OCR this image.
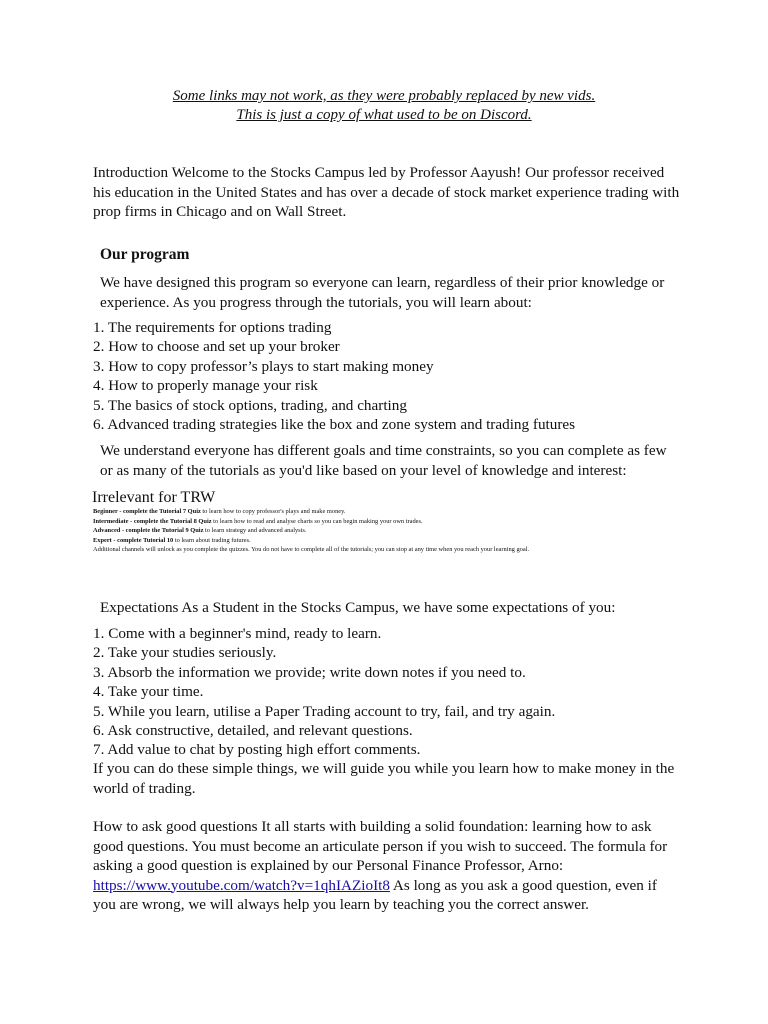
Some links may not work, as they were probably replaced by new vids.
This is just a copy of what used to be on Discord.

Introduction Welcome to the Stocks Campus led by Professor Aayush! Our professor received his education in the United States and has over a decade of stock market experience trading with prop firms in Chicago and on Wall Street.

Our program

We have designed this program so everyone can learn, regardless of their prior knowledge or experience. As you progress through the tutorials, you will learn about:

1. The requirements for options trading
2. How to choose and set up your broker
3. How to copy professor’s plays to start making money
4. How to properly manage your risk
5. The basics of stock options, trading, and charting
6. Advanced trading strategies like the box and zone system and trading futures

We understand everyone has different goals and time constraints, so you can complete as few or as many of the tutorials as you'd like based on your level of knowledge and interest:

Irrelevant for TRW
Beginner - complete the Tutorial 7 Quiz to learn how to copy professor's plays and make money.
Intermediate - complete the Tutorial 8 Quiz to learn how to read and analyse charts so you can begin making your own trades.
Advanced - complete the Tutorial 9 Quiz to learn strategy and advanced analysis.
Expert - complete Tutorial 10 to learn about trading futures.
Additional channels will unlock as you complete the quizzes. You do not have to complete all of the tutorials; you can stop at any time when you reach your learning goal.

Expectations As a Student in the Stocks Campus, we have some expectations of you:

1. Come with a beginner's mind, ready to learn.
2. Take your studies seriously.
3. Absorb the information we provide; write down notes if you need to.
4. Take your time.
5. While you learn, utilise a Paper Trading account to try, fail, and try again.
6. Ask constructive, detailed, and relevant questions.
7. Add value to chat by posting high effort comments.

If you can do these simple things, we will guide you while you learn how to make money in the world of trading.

How to ask good questions It all starts with building a solid foundation: learning how to ask good questions. You must become an articulate person if you wish to succeed. The formula for asking a good question is explained by our Personal Finance Professor, Arno: https://www.youtube.com/watch?v=1qhIAZioIt8 As long as you ask a good question, even if you are wrong, we will always help you learn by teaching you the correct answer.
